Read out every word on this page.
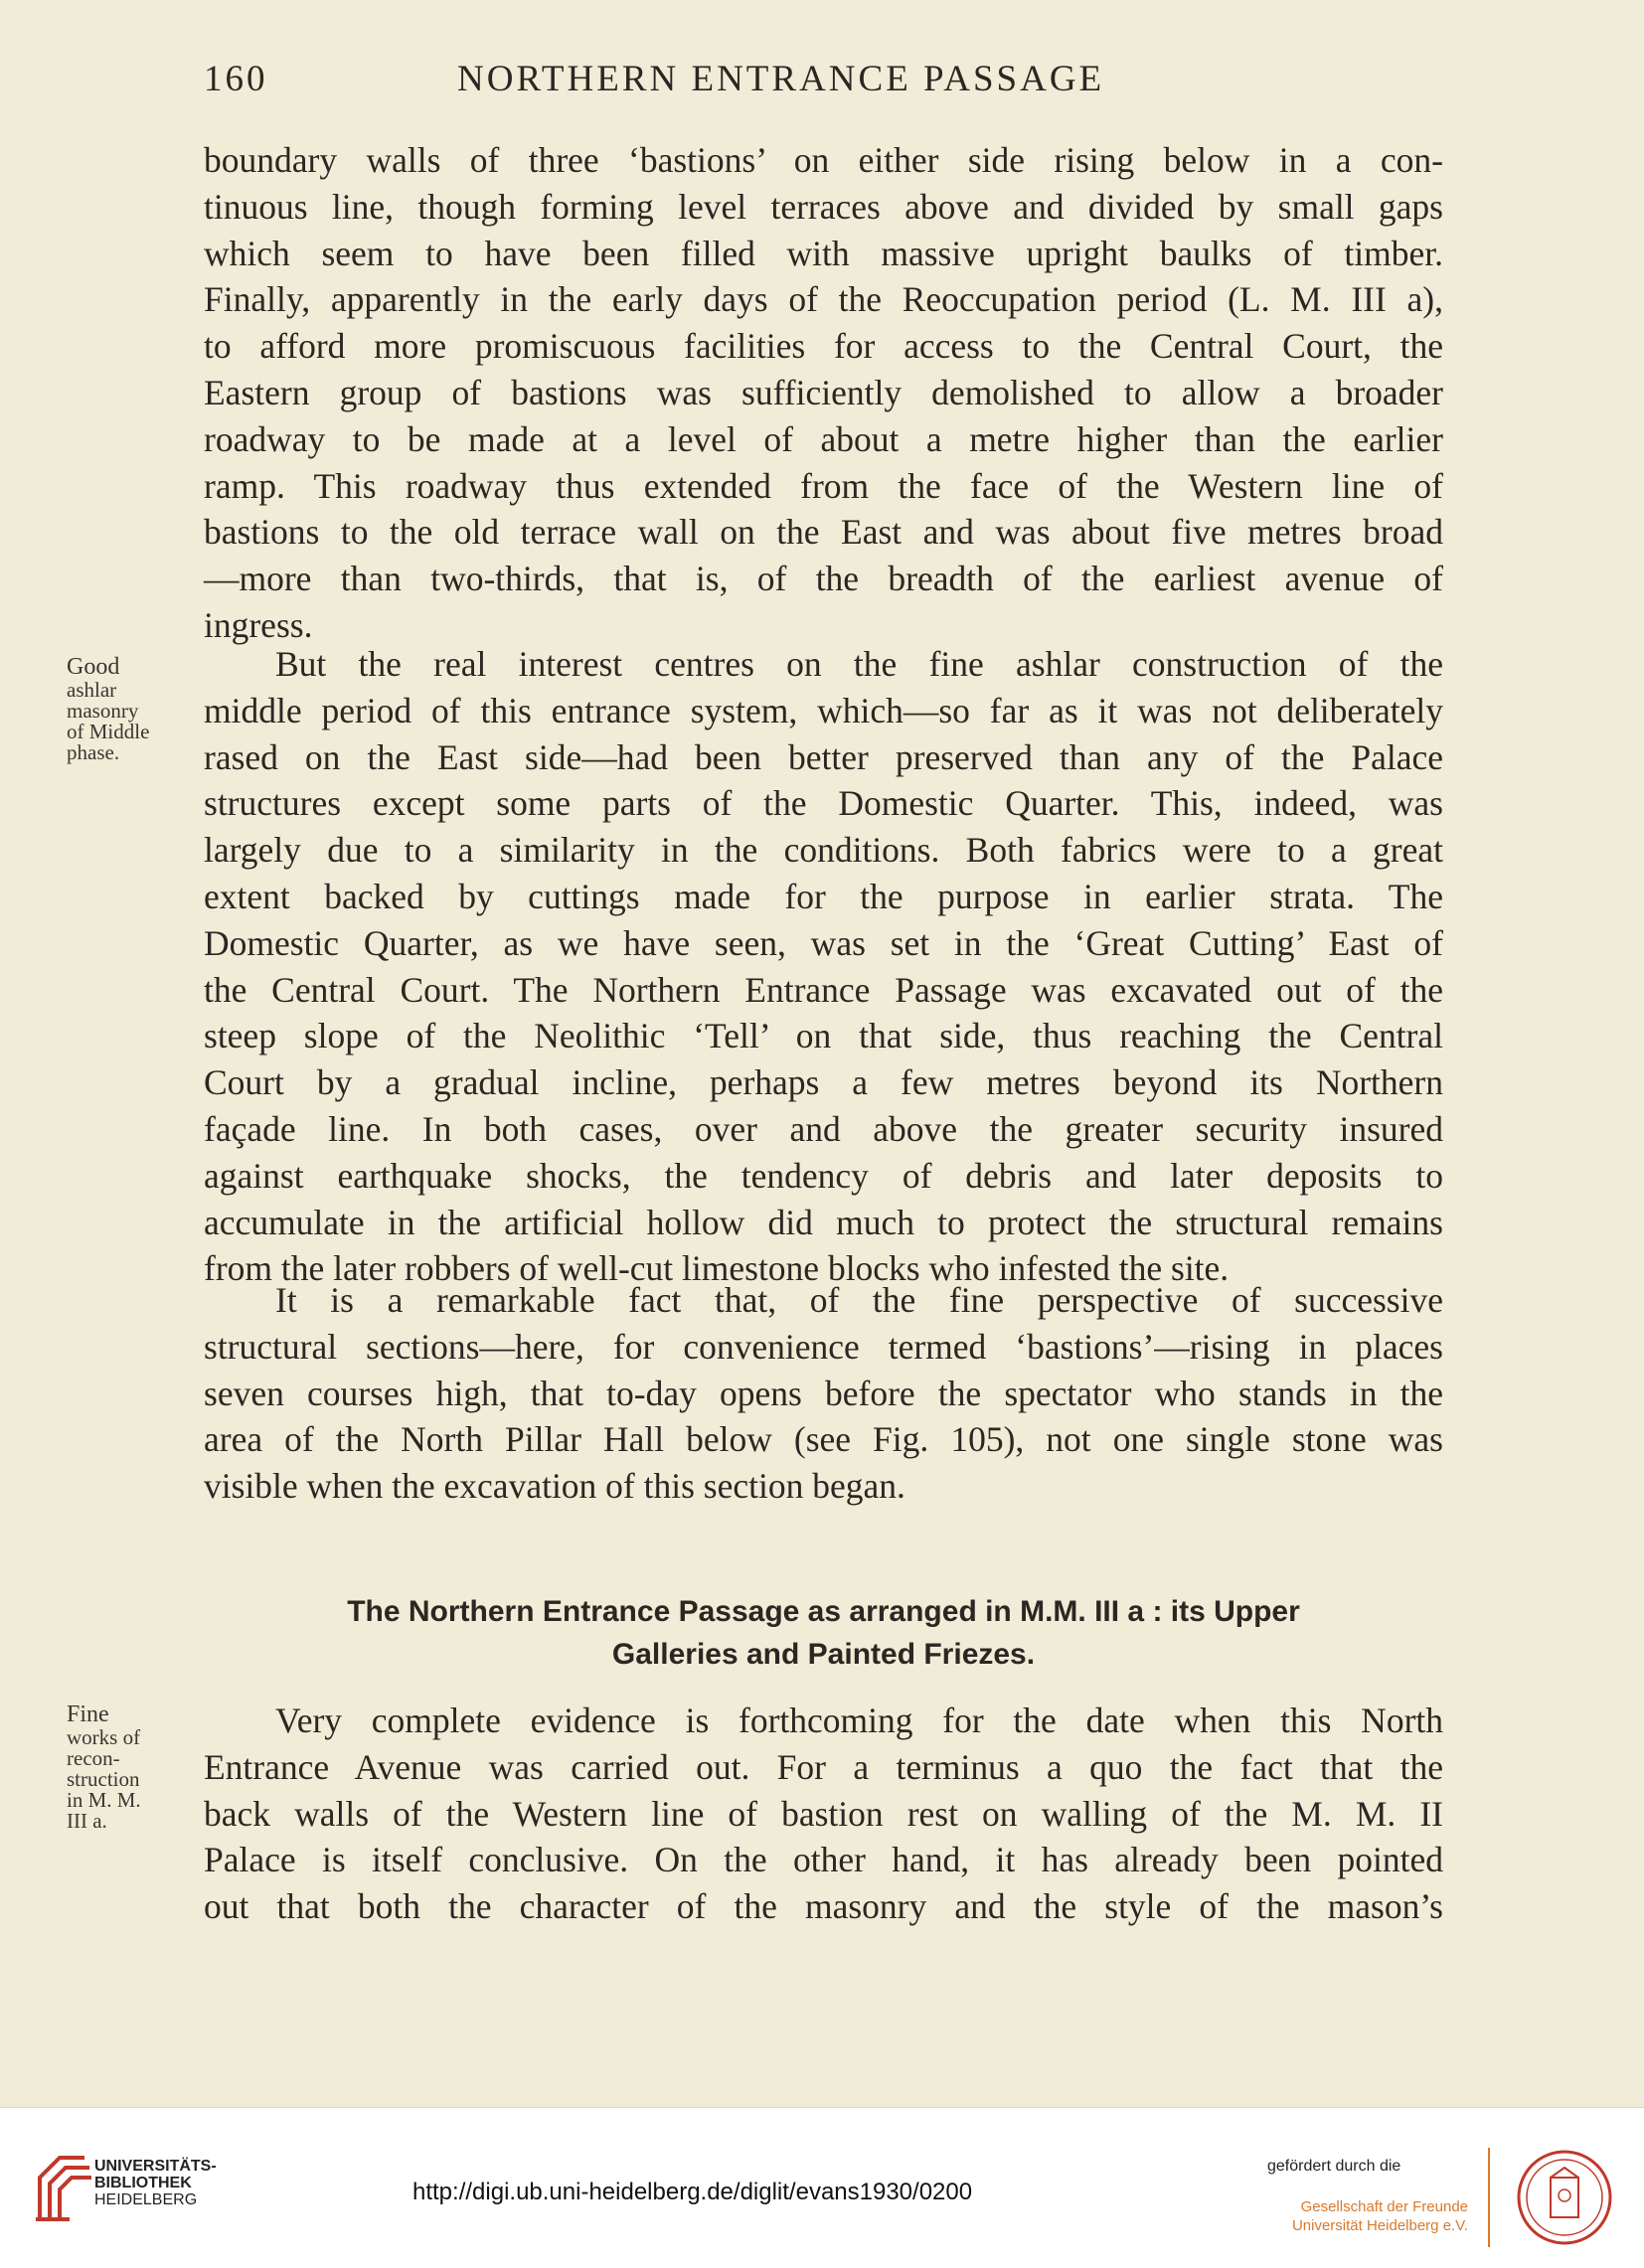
160	NORTHERN ENTRANCE PASSAGE
boundary walls of three ‘bastions’ on either side rising below in a con-
tinuous line, though forming level terraces above and divided by small gaps
which seem to have been filled with massive upright baulks of timber.
Finally, apparently in the early days of the Reoccupation period (L. M. III a),
to afford more promiscuous facilities for access to the Central Court, the
Eastern group of bastions was sufficiently demolished to allow a broader
roadway to be made at a level of about a metre higher than the earlier
ramp. This roadway thus extended from the face of the Western line of
bastions to the old terrace wall on the East and was about five metres broad
—more than two-thirds, that is, of the breadth of the earliest avenue of
ingress.
Good
ashlar
masonry
of Middle
phase.
But the real interest centres on the fine ashlar construction of the
middle period of this entrance system, which—so far as it was not deliberately
rased on the East side—had been better preserved than any of the Palace
structures except some parts of the Domestic Quarter. This, indeed, was
largely due to a similarity in the conditions. Both fabrics were to a great
extent backed by cuttings made for the purpose in earlier strata. The
Domestic Quarter, as we have seen, was set in the ‘Great Cutting’ East of
the Central Court. The Northern Entrance Passage was excavated out of the
steep slope of the Neolithic ‘Tell’ on that side, thus reaching the Central
Court by a gradual incline, perhaps a few metres beyond its Northern
façade line. In both cases, over and above the greater security insured
against earthquake shocks, the tendency of debris and later deposits to
accumulate in the artificial hollow did much to protect the structural remains
from the later robbers of well-cut limestone blocks who infested the site.
It is a remarkable fact that, of the fine perspective of successive
structural sections—here, for convenience termed ‘bastions’—rising in places
seven courses high, that to-day opens before the spectator who stands in the
area of the North Pillar Hall below (see Fig. 105), not one single stone was
visible when the excavation of this section began.
The Northern Entrance Passage as arranged in M.M. III a : its Upper
Galleries and Painted Friezes.
Fine
works of
recon-
struction
in M. M.
III a.
Very complete evidence is forthcoming for the date when this North
Entrance Avenue was carried out. For a terminus a quo the fact that the
back walls of the Western line of bastion rest on walling of the M. M. II
Palace is itself conclusive. On the other hand, it has already been pointed
out that both the character of the masonry and the style of the mason’s
UNIVERSITÄTS-
BIBLIOTHEK
HEIDELBERG	http://digi.ub.uni-heidelberg.de/diglit/evans1930/0200
gefördert durch die
Gesellschaft der Freunde
Universität Heidelberg e.V.
